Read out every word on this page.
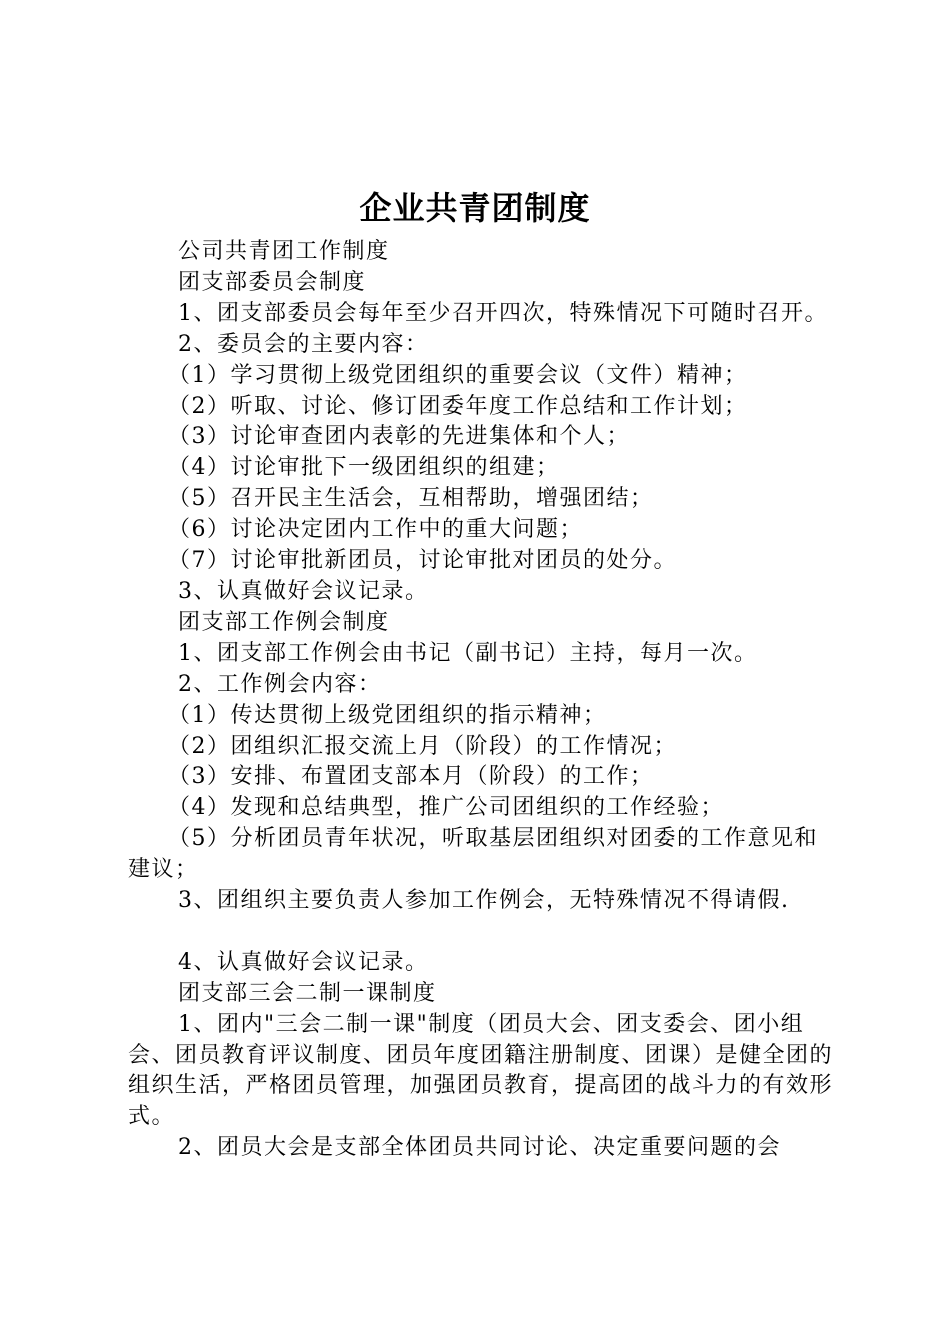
企业共青团制度

公司共青团工作制度

团支部委员会制度

1、团支部委员会每年至少召开四次，特殊情况下可随时召开。

2、委员会的主要内容：

（1）学习贯彻上级党团组织的重要会议（文件）精神；

（2）听取、讨论、修订团委年度工作总结和工作计划；

（3）讨论审查团内表彰的先进集体和个人；

（4）讨论审批下一级团组织的组建；

（5）召开民主生活会，互相帮助，增强团结；

（6）讨论决定团内工作中的重大问题；

（7）讨论审批新团员，讨论审批对团员的处分。

3、认真做好会议记录。

团支部工作例会制度

1、团支部工作例会由书记（副书记）主持，每月一次。

2、工作例会内容：

（1）传达贯彻上级党团组织的指示精神；

（2）团组织汇报交流上月（阶段）的工作情况；

（3）安排、布置团支部本月（阶段）的工作；

（4）发现和总结典型，推广公司团组织的工作经验；

（5）分析团员青年状况，听取基层团组织对团委的工作意见和建议；

3、团组织主要负责人参加工作例会，无特殊情况不得请假.

4、认真做好会议记录。

团支部三会二制一课制度

1、团内"三会二制一课"制度（团员大会、团支委会、团小组会、团员教育评议制度、团员年度团籍注册制度、团课）是健全团的组织生活，严格团员管理，加强团员教育，提高团的战斗力的有效形式。

2、团员大会是支部全体团员共同讨论、决定重要问题的会
